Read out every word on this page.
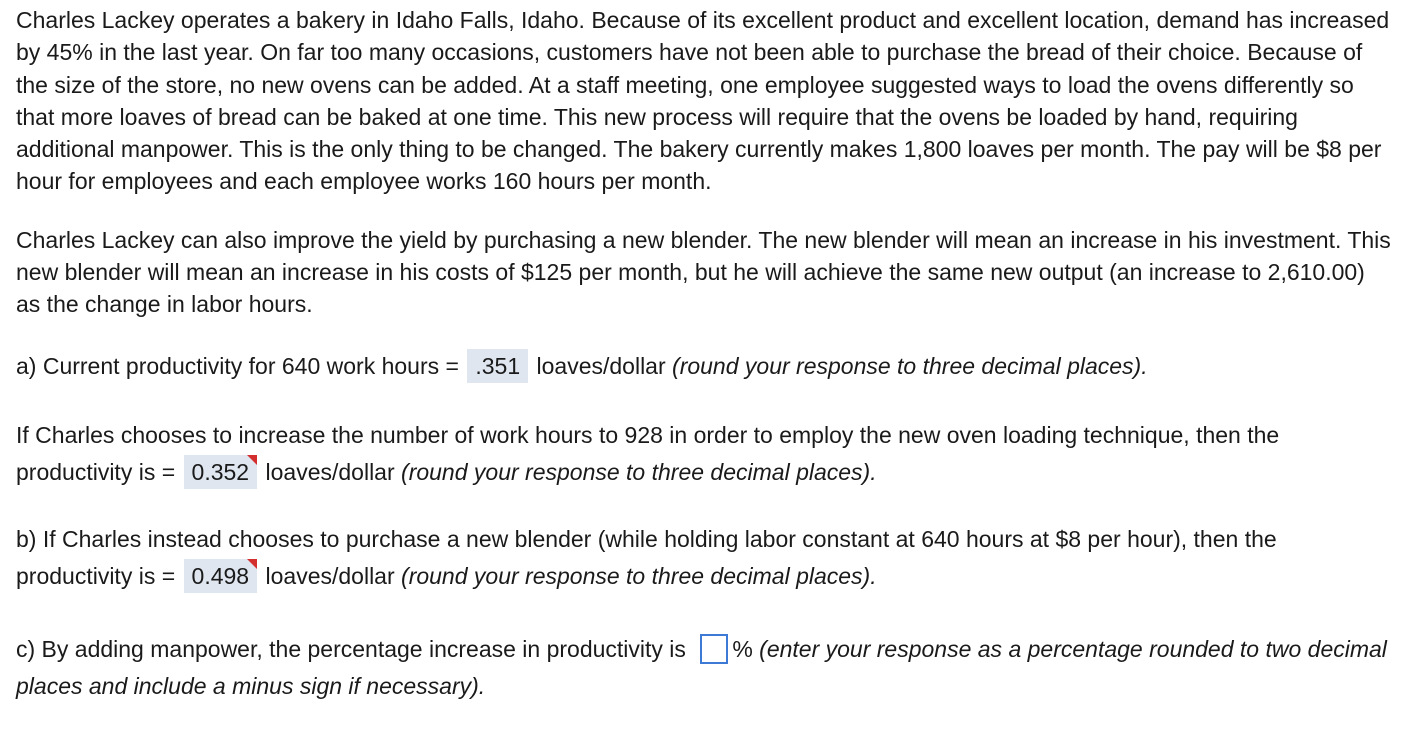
Charles Lackey operates a bakery in Idaho Falls, Idaho. Because of its excellent product and excellent location, demand has increased by 45% in the last year. On far too many occasions, customers have not been able to purchase the bread of their choice. Because of the size of the store, no new ovens can be added. At a staff meeting, one employee suggested ways to load the ovens differently so that more loaves of bread can be baked at one time. This new process will require that the ovens be loaded by hand, requiring additional manpower. This is the only thing to be changed. The bakery currently makes 1,800 loaves per month. The pay will be $8 per hour for employees and each employee works 160 hours per month.

Charles Lackey can also improve the yield by purchasing a new blender. The new blender will mean an increase in his investment. This new blender will mean an increase in his costs of $125 per month, but he will achieve the same new output (an increase to 2,610.00) as the change in labor hours.

a) Current productivity for 640 work hours = .351 loaves/dollar (round your response to three decimal places).

If Charles chooses to increase the number of work hours to 928 in order to employ the new oven loading technique, then the productivity is = 0.352
loaves/dollar (round your response to three decimal places).

b) If Charles instead chooses to purchase a new blender (while holding labor constant at 640 hours at $8 per hour), then the productivity is = 0.498
loaves/dollar (round your response to three decimal places).

c) By adding manpower, the percentage increase in productivity is % (enter your response as a percentage rounded to two decimal places and include a minus sign if necessary).
